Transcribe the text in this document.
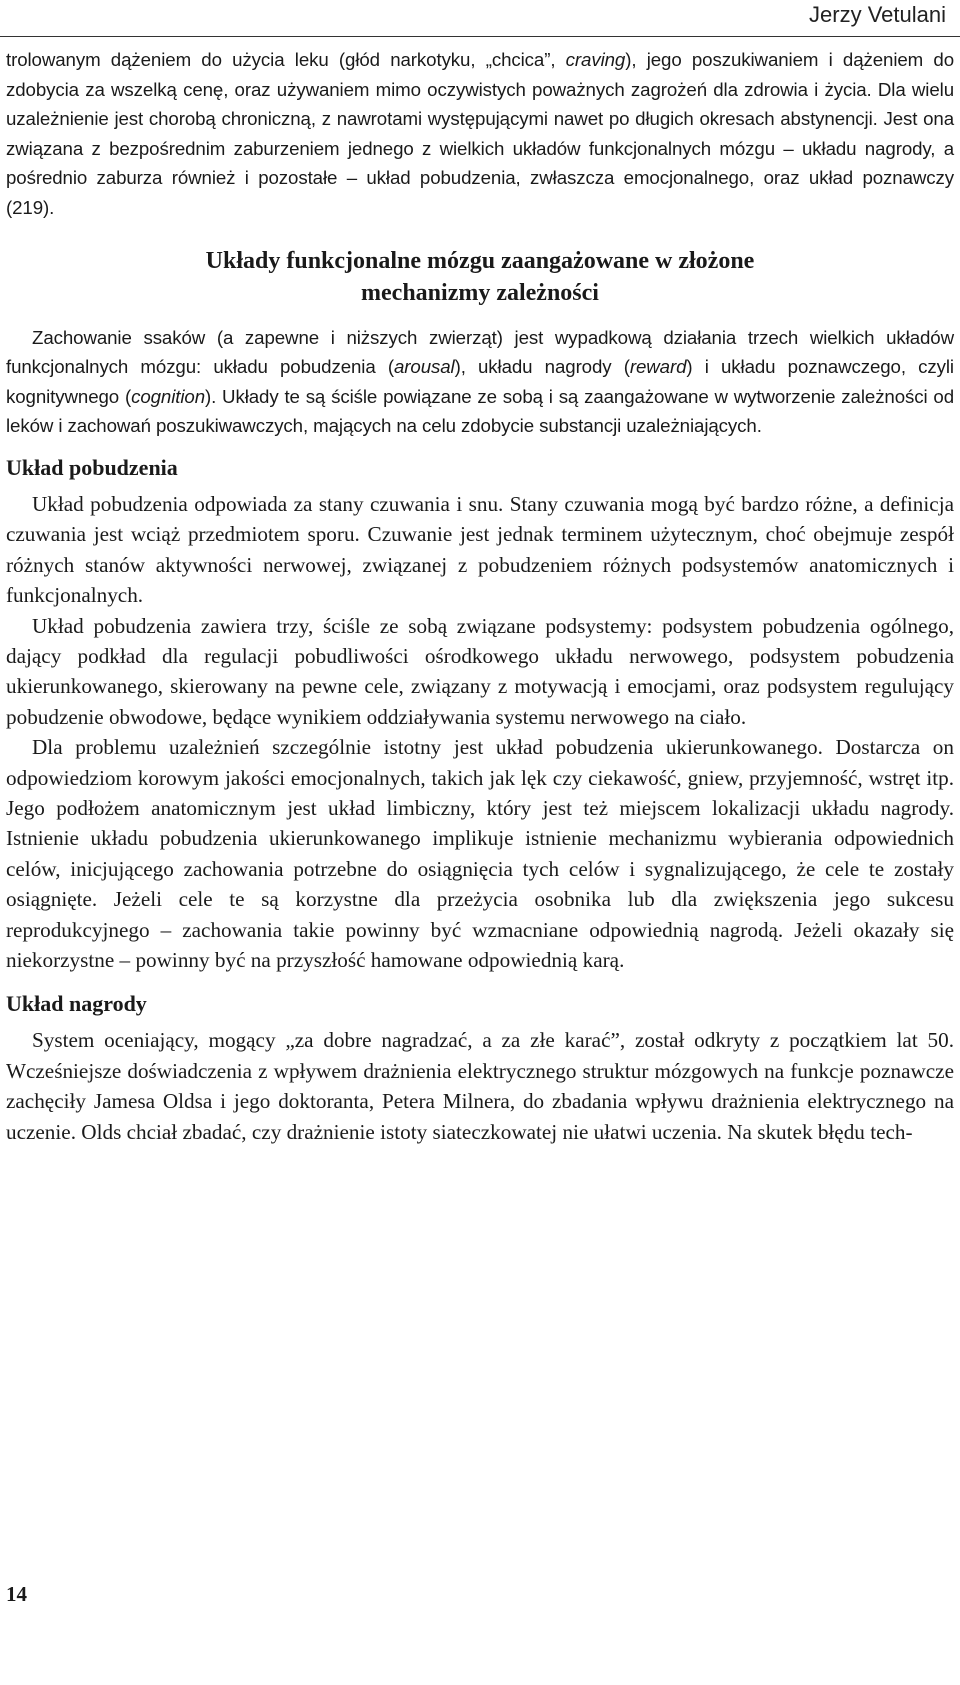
Jerzy Vetulani

trolowanym dążeniem do użycia leku (głód narkotyku, „chcica”, craving), jego poszukiwaniem i dążeniem do zdobycia za wszelką cenę, oraz używaniem mimo oczywistych poważnych zagrożeń dla zdrowia i życia. Dla wielu uzależnienie jest chorobą chroniczną, z nawrotami występującymi nawet po długich okresach abstynencji. Jest ona związana z bezpośrednim zaburzeniem jednego z wielkich układów funkcjonalnych mózgu – układu nagrody, a pośrednio zaburza również i pozostałe – układ pobudzenia, zwłaszcza emocjonalnego, oraz układ poznawczy (219).

Układy funkcjonalne mózgu zaangażowane w złożone
mechanizmy zależności

Zachowanie ssaków (a zapewne i niższych zwierząt) jest wypadkową działania trzech wielkich układów funkcjonalnych mózgu: układu pobudzenia (arousal), układu nagrody (reward) i układu poznawczego, czyli kognitywnego (cognition). Układy te są ściśle powiązane ze sobą i są zaangażowane w wytworzenie zależności od leków i zachowań poszukiwawczych, mających na celu zdobycie substancji uzależniających.

Układ pobudzenia

Układ pobudzenia odpowiada za stany czuwania i snu. Stany czuwania mogą być bardzo różne, a definicja czuwania jest wciąż przedmiotem sporu. Czuwanie jest jednak terminem użytecznym, choć obejmuje zespół różnych stanów aktywności nerwowej, związanej z pobudzeniem różnych podsystemów anatomicznych i funkcjonalnych.

Układ pobudzenia zawiera trzy, ściśle ze sobą związane podsystemy: podsystem pobudzenia ogólnego, dający podkład dla regulacji pobudliwości ośrodkowego układu nerwowego, podsystem pobudzenia ukierunkowanego, skierowany na pewne cele, związany z motywacją i emocjami, oraz podsystem regulujący pobudzenie obwodowe, będące wynikiem oddziaływania systemu nerwowego na ciało.

Dla problemu uzależnień szczególnie istotny jest układ pobudzenia ukierunkowanego. Dostarcza on odpowiedziom korowym jakości emocjonalnych, takich jak lęk czy ciekawość, gniew, przyjemność, wstręt itp. Jego podłożem anatomicznym jest układ limbiczny, który jest też miejscem lokalizacji układu nagrody. Istnienie układu pobudzenia ukierunkowanego implikuje istnienie mechanizmu wybierania odpowiednich celów, inicjującego zachowania potrzebne do osiągnięcia tych celów i sygnalizującego, że cele te zostały osiągnięte. Jeżeli cele te są korzystne dla przeżycia osobnika lub dla zwiększenia jego sukcesu reprodukcyjnego – zachowania takie powinny być wzmacniane odpowiednią nagrodą. Jeżeli okazały się niekorzystne – powinny być na przyszłość hamowane odpowiednią karą.

Układ nagrody

System oceniający, mogący „za dobre nagradzać, a za złe karać”, został odkryty z początkiem lat 50. Wcześniejsze doświadczenia z wpływem drażnienia elektrycznego struktur mózgowych na funkcje poznawcze zachęciły Jamesa Oldsa i jego doktoranta, Petera Milnera, do zbadania wpływu drażnienia elektrycznego na uczenie. Olds chciał zbadać, czy drażnienie istoty siateczkowatej nie ułatwi uczenia. Na skutek błędu tech-

14
